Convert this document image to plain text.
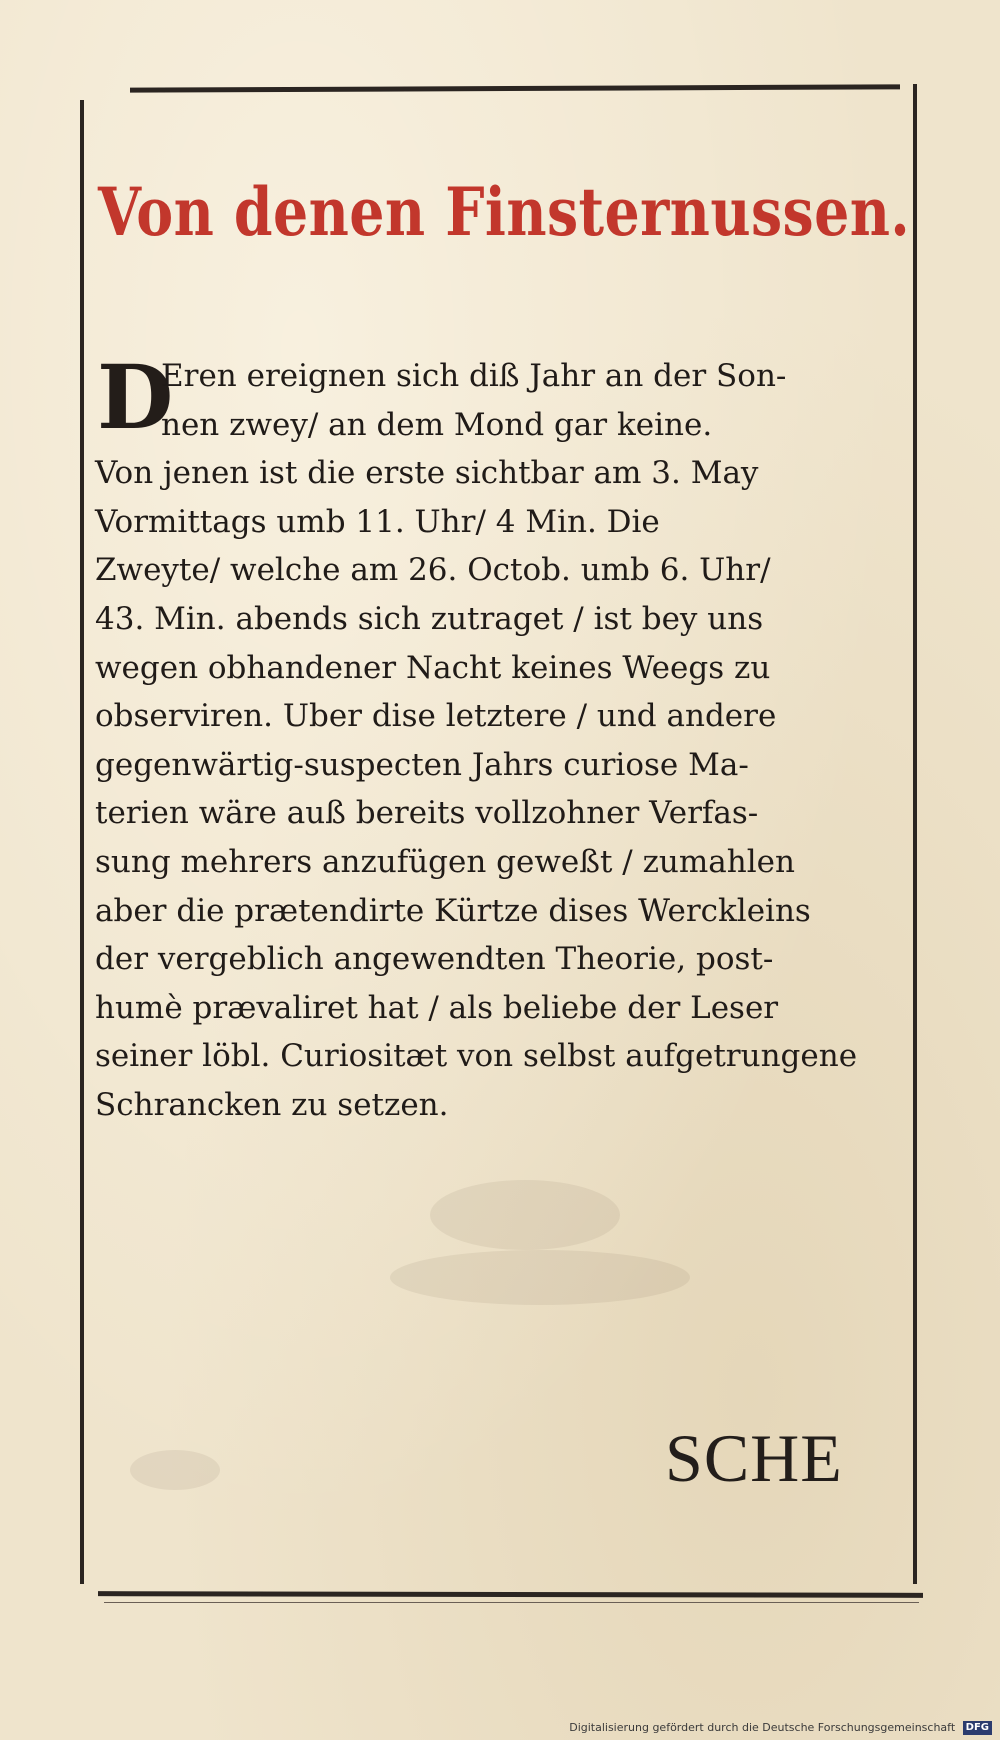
Von denen Finsternussen.
D
Eren ereignen sich diß Jahr an der Son-
nen zwey/ an dem Mond gar keine.
Von jenen ist die erste sichtbar am 3. May
Vormittags umb 11. Uhr/ 4 Min. Die
Zweyte/ welche am 26. Octob. umb 6. Uhr/
43. Min. abends sich zutraget / ist bey uns
wegen obhandener Nacht keines Weegs zu
observiren. Uber dise letztere / und andere
gegenwärtig-suspecten Jahrs curiose Ma-
terien wäre auß bereits vollzohner Verfas-
sung mehrers anzufügen geweßt / zumahlen
aber die prætendirte Kürtze dises Werckleins
der vergeblich angewendten Theorie, post-
humè prævaliret hat / als beliebe der Leser
seiner löbl. Curiositæt von selbst aufgetrungene
Schrancken zu setzen.
SCHE
Digitalisierung gefördert durch die Deutsche Forschungsgemeinschaft DFG
